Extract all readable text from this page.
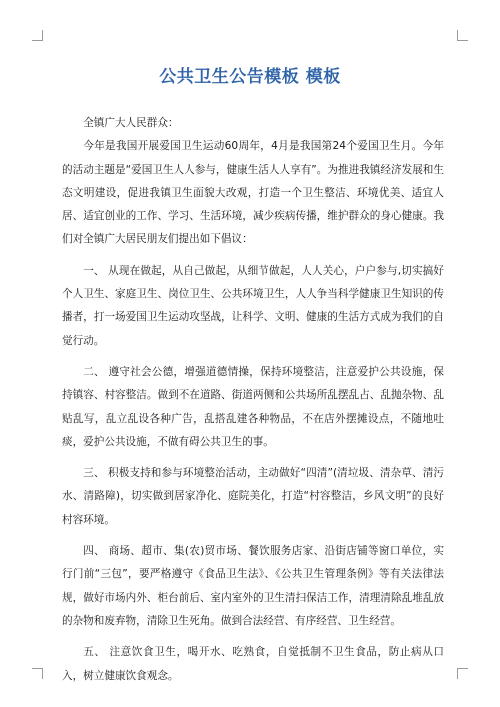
公共卫生公告模板 模板

全镇广大人民群众：

今年是我国开展爱国卫生运动60周年，4月是我国第24个爱国卫生月。今年的活动主题是“爱国卫生人人参与，健康生活人人享有”。为推进我镇经济发展和生态文明建设，促进我镇卫生面貌大改观，打造一个卫生整洁、环境优美、适宜人居、适宜创业的工作、学习、生活环境，减少疾病传播，维护群众的身心健康。我们对全镇广大居民朋友们提出如下倡议：

一、 从现在做起，从自己做起，从细节做起，人人关心，户户参与,切实搞好个人卫生、家庭卫生、岗位卫生、公共环境卫生，人人争当科学健康卫生知识的传播者，打一场爱国卫生运动攻坚战，让科学、文明、健康的生活方式成为我们的自觉行动。

二、 遵守社会公德，增强道德情操，保持环境整洁，注意爱护公共设施，保持镇容、村容整洁。做到不在道路、街道两侧和公共场所乱摆乱占、乱抛杂物、乱贴乱写，乱立乱设各种广告，乱搭乱建各种物品，不在店外摆摊设点，不随地吐痰，爱护公共设施，不做有碍公共卫生的事。

三、 积极支持和参与环境整治活动，主动做好“四清”(清垃圾、清杂草、清污水、清路障)，切实做到居家净化、庭院美化，打造“村容整洁，乡风文明”的良好村容环境。

四、 商场、超市、集(农)贸市场、餐饮服务店家、沿街店铺等窗口单位，实行门前“三包”，要严格遵守《食品卫生法》、《公共卫生管理条例》等有关法律法规，做好市场内外、柜台前后、室内室外的卫生清扫保洁工作，清理清除乱堆乱放的杂物和废弃物，清除卫生死角。做到合法经营、有序经营、卫生经营。

五、 注意饮食卫生，喝开水、吃熟食，自觉抵制不卫生食品，防止病从口入，树立健康饮食观念。
